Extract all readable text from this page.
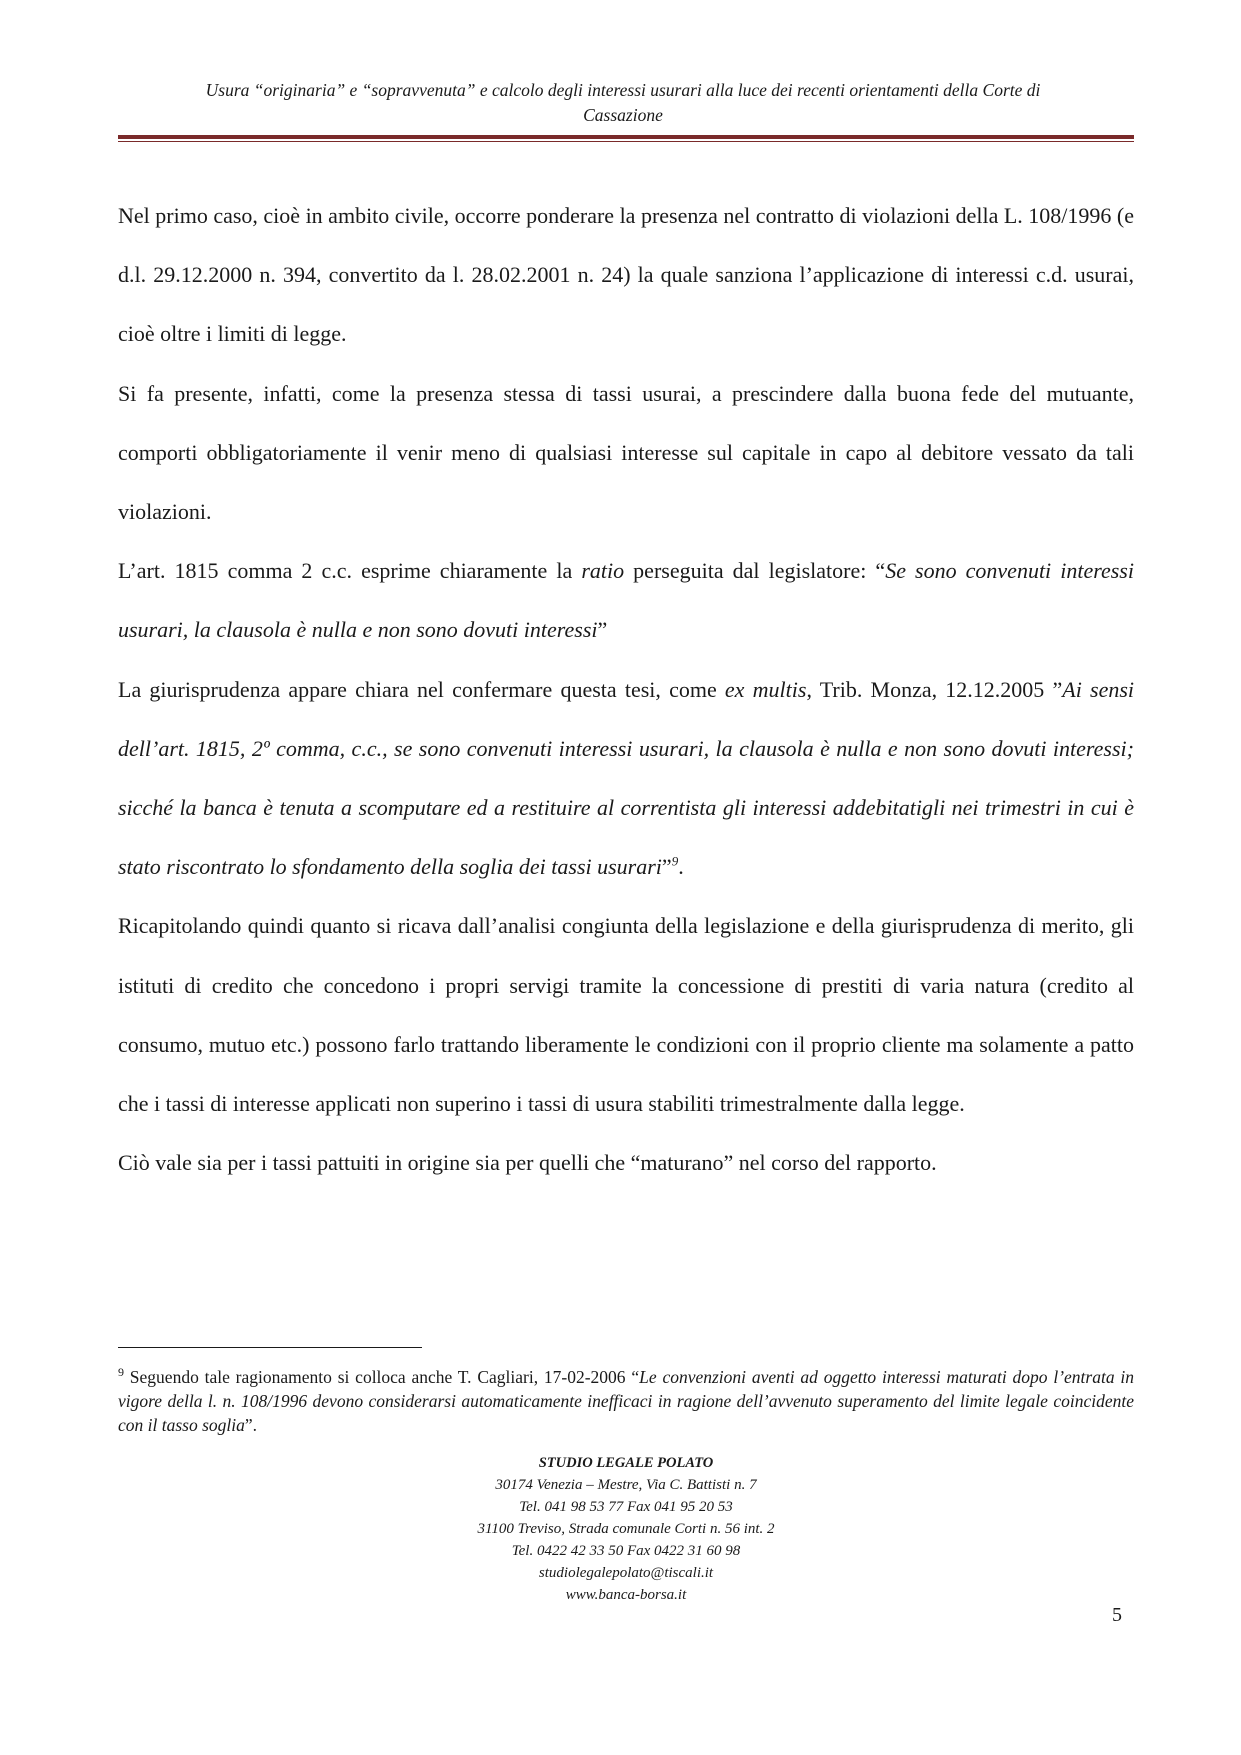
Usura “originaria” e “sopravvenuta” e calcolo degli interessi usurari alla luce dei recenti orientamenti della Corte di
Cassazione

Nel primo caso, cioè in ambito civile, occorre ponderare la presenza nel contratto di violazioni della L. 108/1996 (e d.l. 29.12.2000 n. 394, convertito da l. 28.02.2001 n. 24) la quale sanziona l’applicazione di interessi c.d. usurai, cioè oltre i limiti di legge.

Si fa presente, infatti, come la presenza stessa di tassi usurai, a prescindere dalla buona fede del mutuante, comporti obbligatoriamente il venir meno di qualsiasi interesse sul capitale in capo al debitore vessato da tali violazioni.

L’art. 1815 comma 2 c.c. esprime chiaramente la ratio perseguita dal legislatore: “Se sono convenuti interessi usurari, la clausola è nulla e non sono dovuti interessi”

La giurisprudenza appare chiara nel confermare questa tesi, come ex multis, Trib. Monza, 12.12.2005 ”Ai sensi dell’art. 1815, 2º comma, c.c., se sono convenuti interessi usurari, la clausola è nulla e non sono dovuti interessi; sicché la banca è tenuta a scomputare ed a restituire al correntista gli interessi addebitatigli nei trimestri in cui è stato riscontrato lo sfondamento della soglia dei tassi usurari”$^9$.

Ricapitolando quindi quanto si ricava dall’analisi congiunta della legislazione e della giurisprudenza di merito, gli istituti di credito che concedono i propri servigi tramite la concessione di prestiti di varia natura (credito al consumo, mutuo etc.) possono farlo trattando liberamente le condizioni con il proprio cliente ma solamente a patto che i tassi di interesse applicati non superino i tassi di usura stabiliti trimestralmente dalla legge.

Ciò vale sia per i tassi pattuiti in origine sia per quelli che “maturano” nel corso del rapporto.

$^9$ Seguendo tale ragionamento si colloca anche T. Cagliari, 17-02-2006 “Le convenzioni aventi ad oggetto interessi maturati dopo l’entrata in vigore della l. n. 108/1996 devono considerarsi automaticamente inefficaci in ragione dell’avvenuto superamento del limite legale coincidente con il tasso soglia”.
STUDIO LEGALE POLATO
30174 Venezia – Mestre, Via C. Battisti n. 7
Tel. 041 98 53 77 Fax 041 95 20 53
31100 Treviso, Strada comunale Corti n. 56 int. 2
Tel. 0422 42 33 50 Fax 0422 31 60 98
studiolegalepolato@tiscali.it
www.banca-borsa.it
5
